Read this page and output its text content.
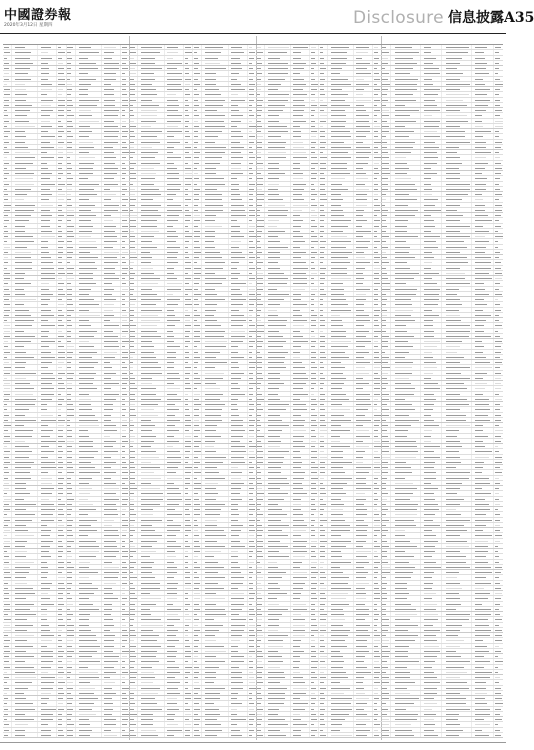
中國證券報
2020年3月12日 星期四	Disclosure 信息披露A35
